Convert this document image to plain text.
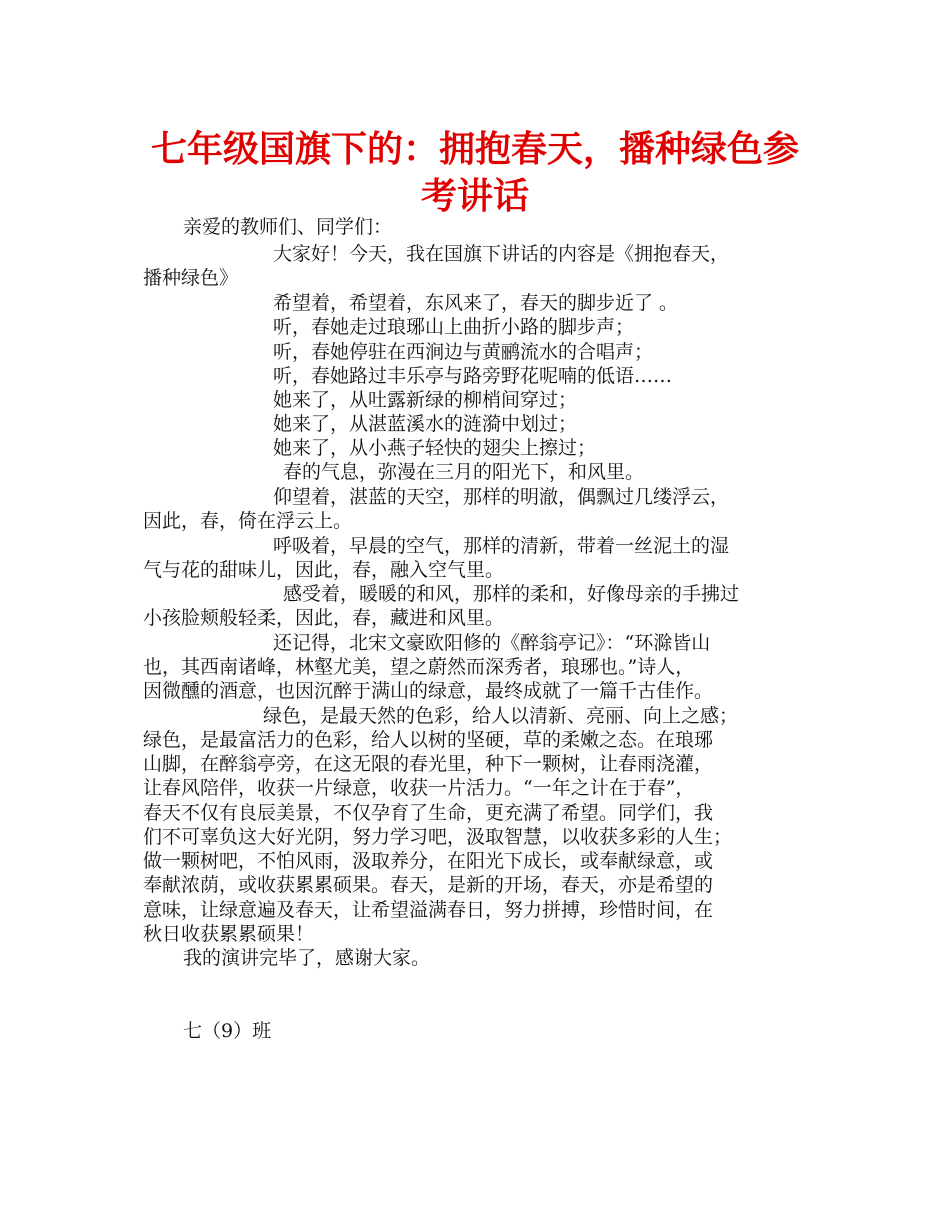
七年级国旗下的：拥抱春天，播种绿色参
考讲话
亲爱的教师们、同学们：
大家好！今天，我在国旗下讲话的内容是《拥抱春天，
播种绿色》
希望着，希望着，东风来了，春天的脚步近了 。
听，春她走过琅琊山上曲折小路的脚步声；
听，春她停驻在西涧边与黄鹂流水的合唱声；
听，春她路过丰乐亭与路旁野花呢喃的低语……
她来了，从吐露新绿的柳梢间穿过；
她来了，从湛蓝溪水的涟漪中划过；
她来了，从小燕子轻快的翅尖上擦过；
春的气息，弥漫在三月的阳光下，和风里。
仰望着，湛蓝的天空，那样的明澈，偶飘过几缕浮云，
因此，春，倚在浮云上。
呼吸着，早晨的空气，那样的清新，带着一丝泥土的湿
气与花的甜味儿，因此，春，融入空气里。
感受着，暖暖的和风，那样的柔和，好像母亲的手拂过
小孩脸颊般轻柔，因此，春，藏进和风里。
还记得，北宋文豪欧阳修的《醉翁亭记》：“环滁皆山
也，其西南诸峰，林壑尤美，望之蔚然而深秀者，琅琊也。”诗人，
因微醺的酒意，也因沉醉于满山的绿意，最终成就了一篇千古佳作。
绿色，是最天然的色彩，给人以清新、亮丽、向上之感；
绿色，是最富活力的色彩，给人以树的坚硬，草的柔嫩之态。在琅琊
山脚，在醉翁亭旁，在这无限的春光里，种下一颗树，让春雨浇灌，
让春风陪伴，收获一片绿意，收获一片活力。“一年之计在于春”，
春天不仅有良辰美景，不仅孕育了生命，更充满了希望。同学们，我
们不可辜负这大好光阴，努力学习吧，汲取智慧，以收获多彩的人生；
做一颗树吧，不怕风雨，汲取养分，在阳光下成长，或奉献绿意，或
奉献浓荫，或收获累累硕果。春天，是新的开场，春天，亦是希望的
意味，让绿意遍及春天，让希望溢满春日，努力拼搏，珍惜时间，在
秋日收获累累硕果！
我的演讲完毕了，感谢大家。
七（9）班
